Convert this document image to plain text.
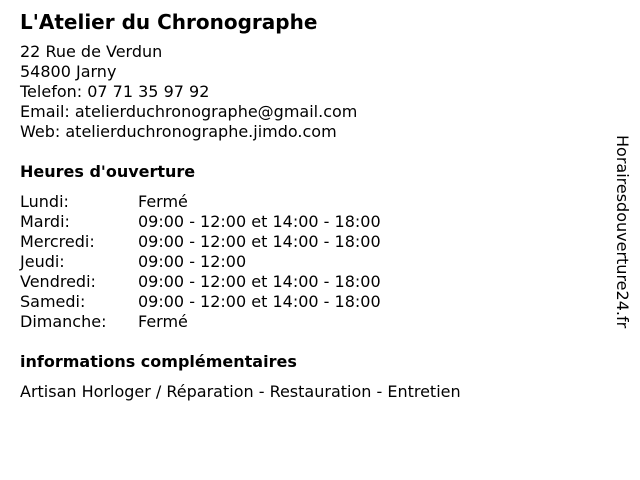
L'Atelier du Chronographe
22 Rue de Verdun
54800 Jarny
Telefon: 07 71 35 97 92
Email: atelierduchronographe@gmail.com
Web: atelierduchronographe.jimdo.com
Heures d'ouverture
Lundi:	Fermé
Mardi:	09:00 - 12:00 et 14:00 - 18:00
Mercredi:	09:00 - 12:00 et 14:00 - 18:00
Jeudi:	09:00 - 12:00
Vendredi:	09:00 - 12:00 et 14:00 - 18:00
Samedi:	09:00 - 12:00 et 14:00 - 18:00
Dimanche:	Fermé
informations complémentaires
Artisan Horloger / Réparation - Restauration - Entretien
Horairesdouverture24.fr
